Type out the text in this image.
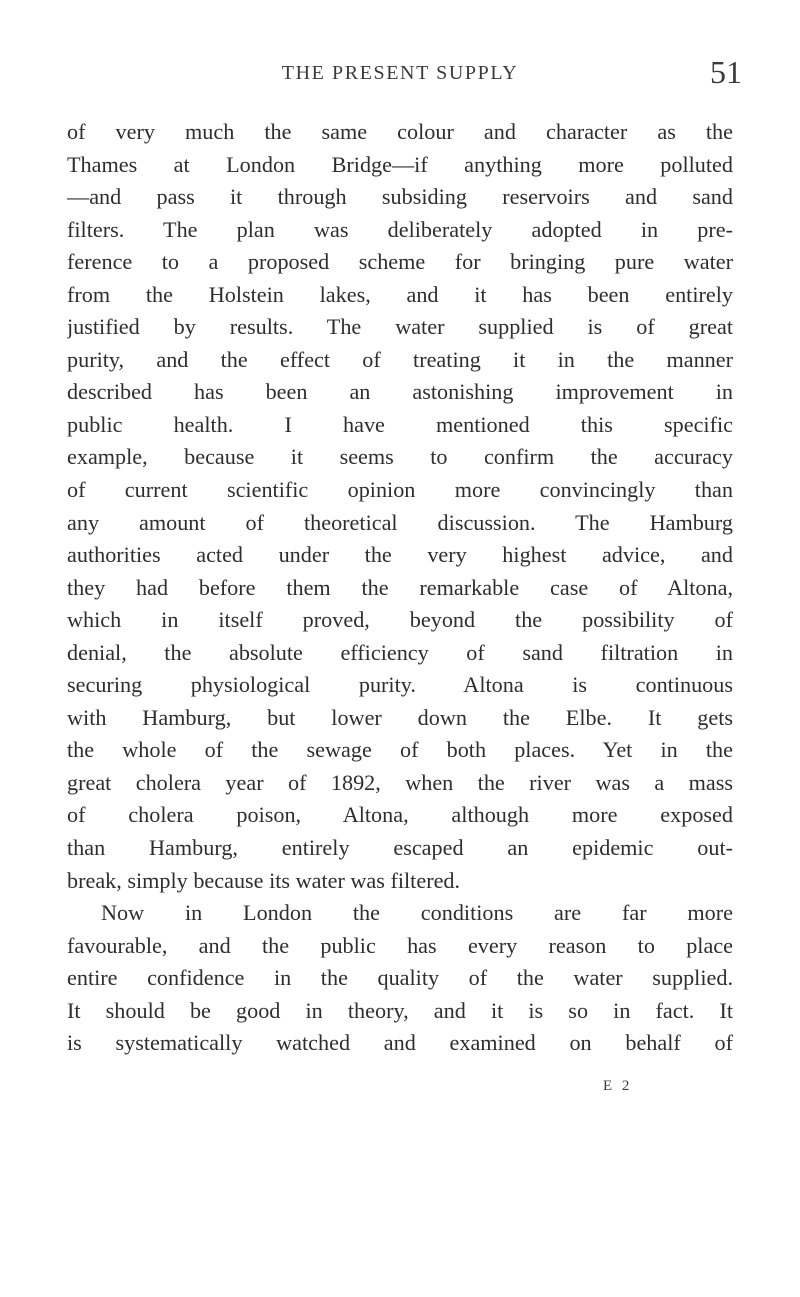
THE PRESENT SUPPLY	51
of very much the same colour and character as the
Thames at London Bridge—if anything more polluted
—and pass it through subsiding reservoirs and sand
filters. The plan was deliberately adopted in pre-
ference to a proposed scheme for bringing pure water
from the Holstein lakes, and it has been entirely
justified by results. The water supplied is of great
purity, and the effect of treating it in the manner
described has been an astonishing improvement in
public health. I have mentioned this specific
example, because it seems to confirm the accuracy
of current scientific opinion more convincingly than
any amount of theoretical discussion. The Hamburg
authorities acted under the very highest advice, and
they had before them the remarkable case of Altona,
which in itself proved, beyond the possibility of
denial, the absolute efficiency of sand filtration in
securing physiological purity. Altona is continuous
with Hamburg, but lower down the Elbe. It gets
the whole of the sewage of both places. Yet in the
great cholera year of 1892, when the river was a mass
of cholera poison, Altona, although more exposed
than Hamburg, entirely escaped an epidemic out-
break, simply because its water was filtered.
Now in London the conditions are far more
favourable, and the public has every reason to place
entire confidence in the quality of the water supplied.
It should be good in theory, and it is so in fact. It
is systematically watched and examined on behalf of
E 2
